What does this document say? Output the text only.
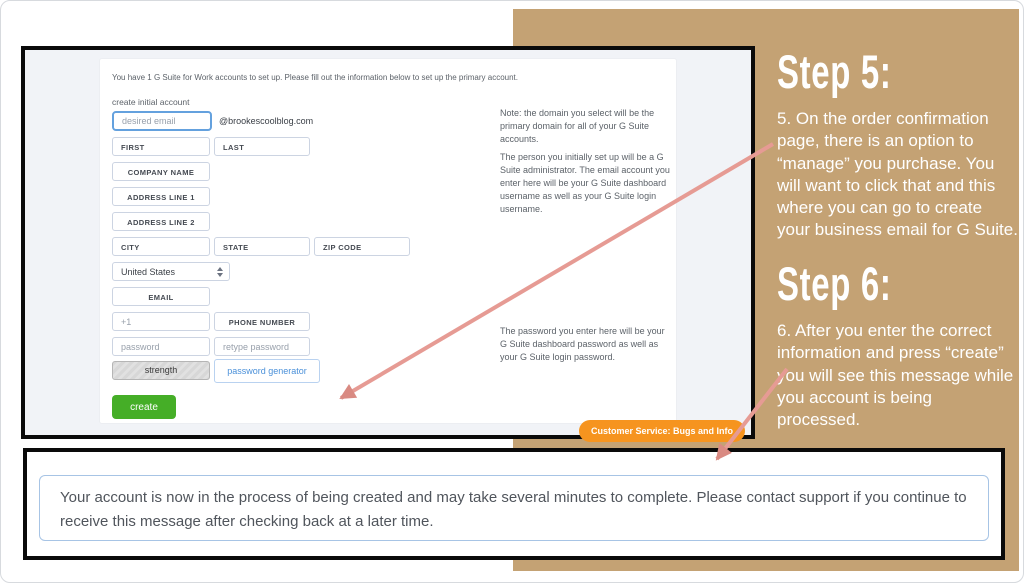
You have 1 G Suite for Work accounts to set up. Please fill out the information below to set up the primary account.

create initial account

desired email
@brookescoolblog.com
FIRST
LAST
COMPANY NAME
ADDRESS LINE 1
ADDRESS LINE 2
CITY
STATE
ZIP CODE
United States
EMAIL
+1
PHONE NUMBER
password
retype password
strength	password generator
create

Note: the domain you select will be the primary domain for all of your G Suite accounts.

The person you initially set up will be a G Suite administrator. The email account you enter here will be your G Suite dashboard username as well as your G Suite login username.

The password you enter here will be your G Suite dashboard password as well as your G Suite login password.

Customer Service: Bugs and Info
Step 5:

5. On the order confirmation page, there is an option to “manage” you purchase. You will want to click that and this where you can go to create your business email for G Suite.

Step 6:

6. After you enter the correct information and press “create” you will see this message while you account is being processed.

Your account is now in the process of being created and may take several minutes to complete. Please contact support if you continue to receive this message after checking back at a later time.
